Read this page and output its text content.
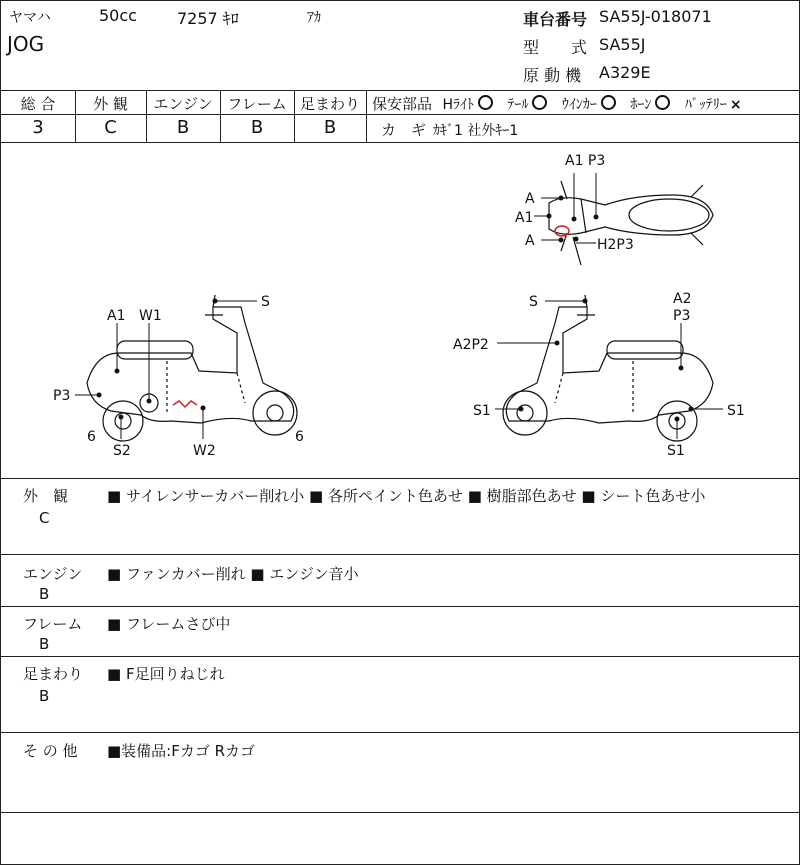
ヤマハ	50cc	7257 ｷﾛ	ｱｶ
JOG
車台番号 SA55J-018071
型　　式 SA55J
原 動 機 A329E
総 合	外 観	エンジン フレーム 足まわり
3	C	B	B	B
保安部品 Hﾗｲﾄ ﾃｰﾙ ｳｲﾝｶｰ ﾎｰﾝ ﾊﾞｯﾃﾘｰ ×
カ　ギ ｶｷﾞ1 社外ｷｰ1
A1 P3
A
A1
A	H2P3
S
A1 W1
P3
6
S2	W2
6
S	A2
P3
A2P2
S1	S1
S1
外　観
C
■ サイレンサーカバー削れ小 ■ 各所ペイント色あせ ■ 樹脂部色あせ ■ シート色あせ小
エンジン
B
■ ファンカバー削れ ■ エンジン音小
フレーム
B
■ フレームさび中
足まわり
B
■ F足回りねじれ
そ の 他 ■装備品:Fカゴ Rカゴ
